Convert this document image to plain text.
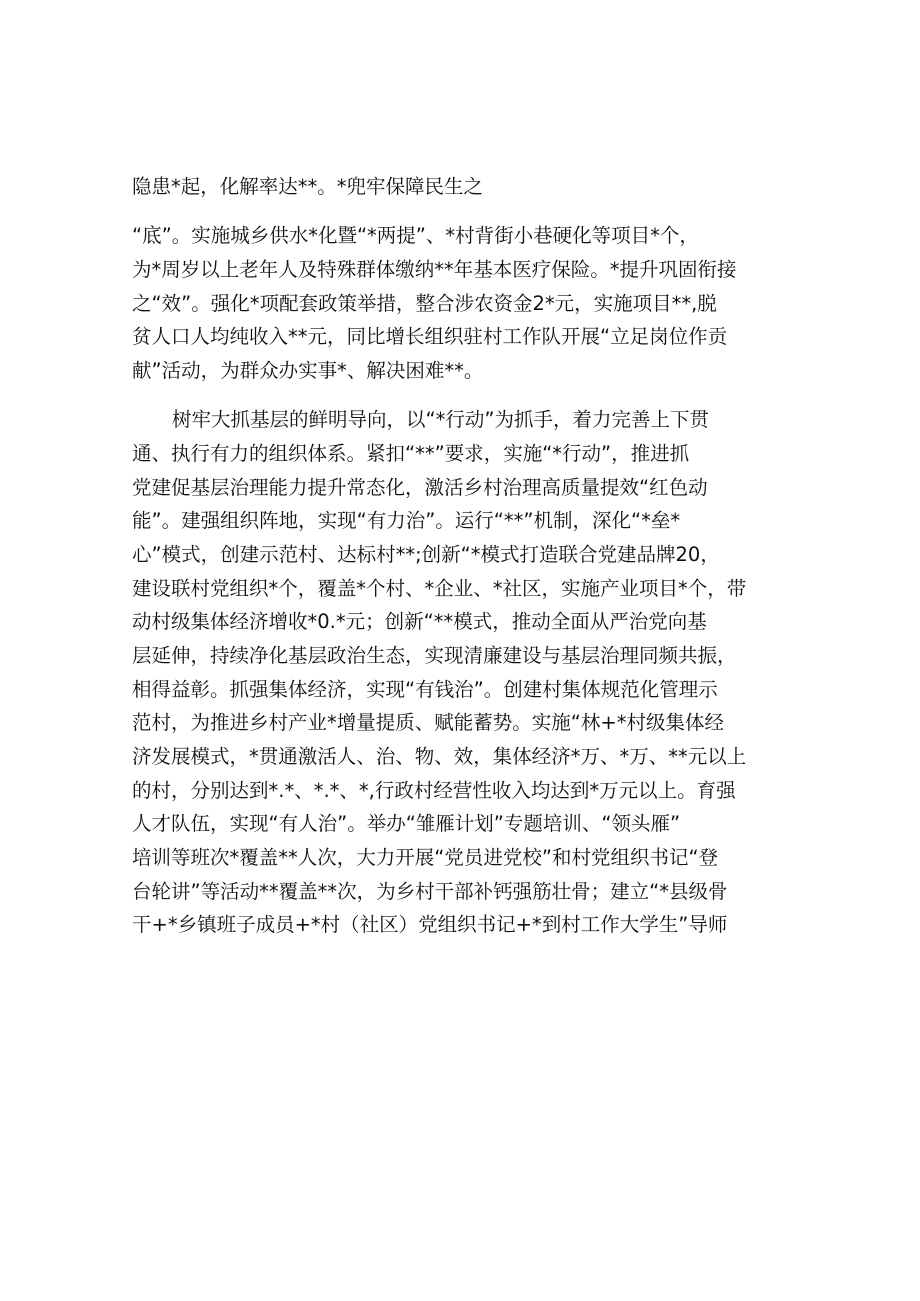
隐患*起，化解率达**。*兜牢保障民生之
“底”。实施城乡供水*化暨“*两提”、*村背街小巷硬化等项目*个，
为*周岁以上老年人及特殊群体缴纳**年基本医疗保险。*提升巩固衔接
之“效”。强化*项配套政策举措，整合涉农资金2*元，实施项目**,脱
贫人口人均纯收入**元，同比增长组织驻村工作队开展“立足岗位作贡
献”活动，为群众办实事*、解决困难**。
树牢大抓基层的鲜明导向，以“*行动”为抓手，着力完善上下贯
通、执行有力的组织体系。紧扣“**”要求，实施“*行动”，推进抓
党建促基层治理能力提升常态化，激活乡村治理高质量提效“红色动
能”。建强组织阵地，实现“有力治”。运行“**”机制，深化“*垒*
心”模式，创建示范村、达标村**;创新“*模式打造联合党建品牌20，
建设联村党组织*个，覆盖*个村、*企业、*社区，实施产业项目*个，带
动村级集体经济增收*0.*元；创新“**模式，推动全面从严治党向基
层延伸，持续净化基层政治生态，实现清廉建设与基层治理同频共振，
相得益彰。抓强集体经济，实现“有钱治”。创建村集体规范化管理示
范村，为推进乡村产业*增量提质、赋能蓄势。实施“林+*村级集体经
济发展模式，*贯通激活人、治、物、效，集体经济*万、*万、**元以上
的村，分别达到*.*、*.*、*,行政村经营性收入均达到*万元以上。育强
人才队伍，实现“有人治”。举办“雏雁计划”专题培训、“领头雁”
培训等班次*覆盖**人次，大力开展“党员进党校”和村党组织书记“登
台轮讲”等活动**覆盖**次，为乡村干部补钙强筋壮骨；建立“*县级骨
干+*乡镇班子成员+*村（社区）党组织书记+*到村工作大学生”导师
